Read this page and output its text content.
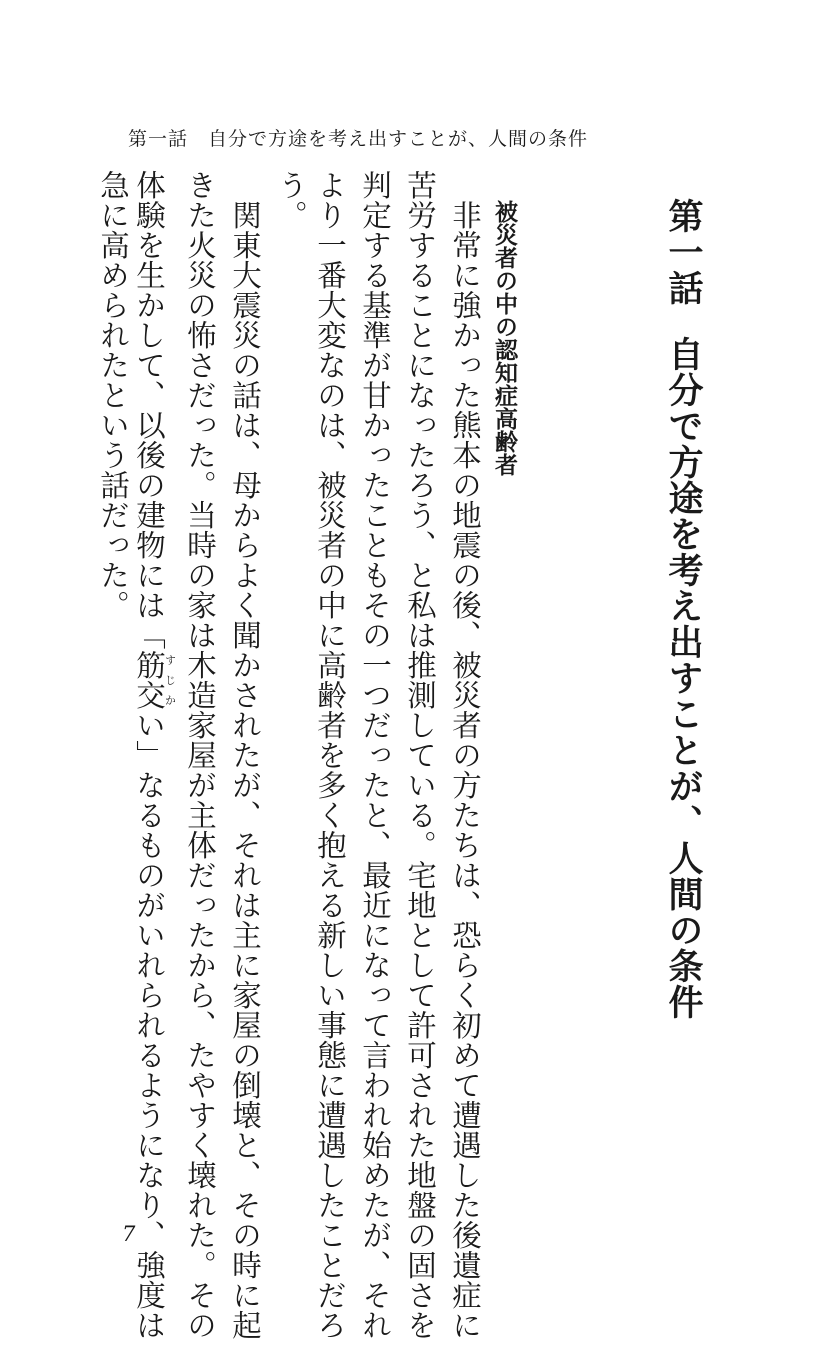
第一話　自分で方途を考え出すことが、人間の条件
第一話自分で方途を考え出すことが、人間の条件
被災者の中の認知症高齢者
非常に強かった熊本の地震の後、被災者の方たちは、恐らく初めて遭遇した後遺症に
苦労することになったろう、と私は推測している。宅地として許可された地盤の固さを
判定する基準が甘かったこともその一つだったと、最近になって言われ始めたが、それ
より一番大変なのは、被災者の中に高齢者を多く抱える新しい事態に遭遇したことだろ
う。
関東大震災の話は、母からよく聞かされたが、それは主に家屋の倒壊と、その時に起
きた火災の怖さだった。当時の家は木造家屋が主体だったから、たやすく壊れた。その
体験を生かして、以後の建物には「筋交すじかい」なるものがいれられるようになり、強度は
急に高められたという話だった。
7
